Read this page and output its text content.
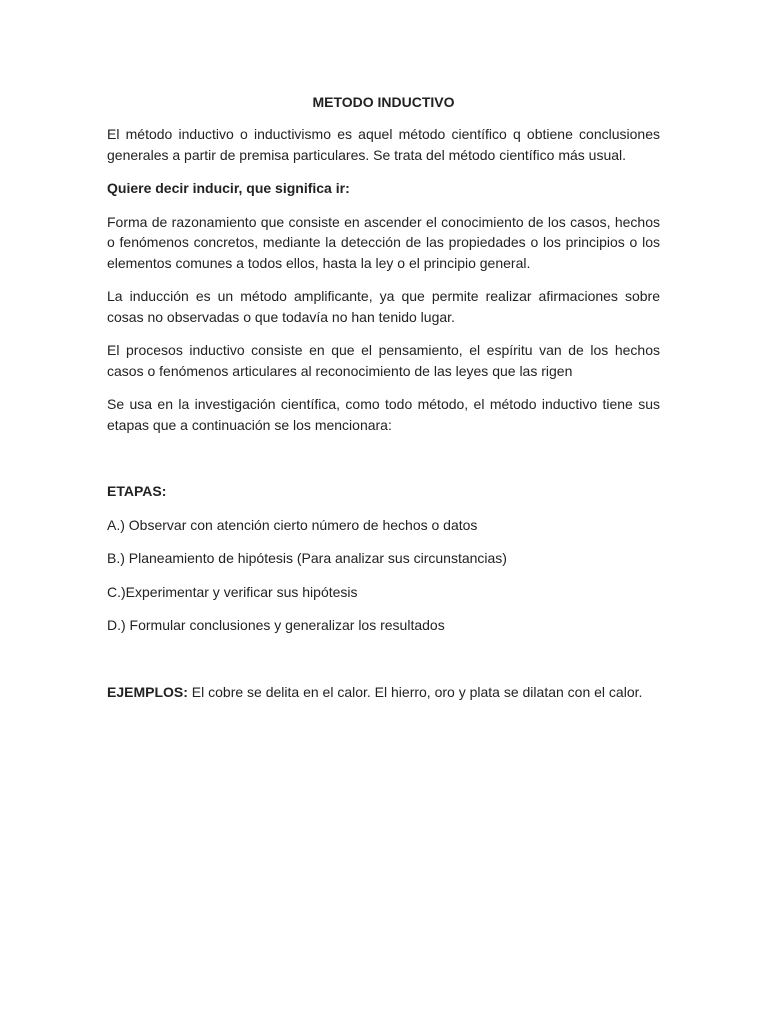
METODO INDUCTIVO

El método inductivo o inductivismo es aquel método científico q obtiene conclusiones generales a partir de premisa particulares. Se trata del método científico más usual.

Quiere decir inducir, que significa ir:

Forma de razonamiento que consiste en ascender el conocimiento de los casos, hechos o fenómenos concretos, mediante la detección de las propiedades o los principios o los elementos comunes a todos ellos, hasta la ley o el principio general.

La inducción es un método amplificante, ya que permite realizar afirmaciones sobre cosas no observadas o que todavía no han tenido lugar.

El procesos inductivo consiste en que el pensamiento, el espíritu van de los hechos casos o fenómenos articulares al reconocimiento de las leyes que las rigen

Se usa en la investigación científica, como todo método, el método inductivo tiene sus etapas que a continuación se los mencionara:

ETAPAS:

A.) Observar con atención cierto número de hechos o datos

B.) Planeamiento de hipótesis (Para analizar sus circunstancias)

C.)Experimentar y verificar sus hipótesis

D.) Formular conclusiones y generalizar los resultados

EJEMPLOS: El cobre se delita en el calor. El hierro, oro y plata se dilatan con el calor.
